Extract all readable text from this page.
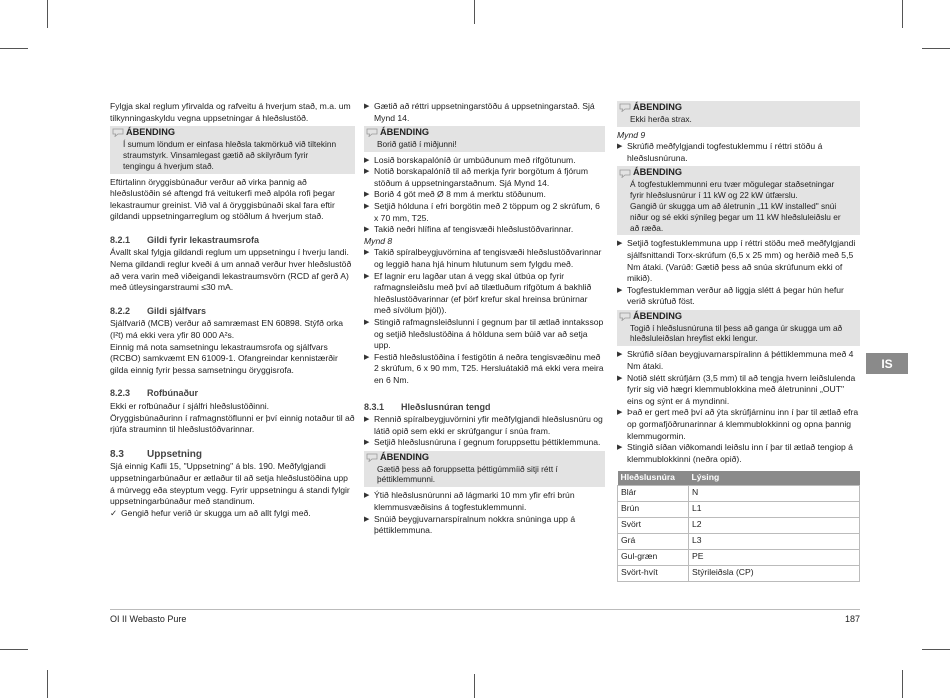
Fylgja skal reglum yfirvalda og rafveitu á hverjum stað, m.a. um tilkynningaskyldu vegna uppsetningar á hleðslustöð.

ÁBENDING
Í sumum löndum er einfasa hleðsla takmörkuð við tiltekinn
straumstyrk. Vinsamlegast gætið að skilyrðum fyrir
tengingu á hverjum stað.

Eftirtalinn öryggisbúnaður verður að virka þannig að hleðslustöðin sé aftengd frá veitukerfi með alpóla rofi þegar lekastraumur greinist. Við val á öryggisbúnaði skal fara eftir gildandi uppsetningarreglum og stöðlum á hverjum stað.

8.2.1 Gildi fyrir lekastraumsrofa

Ávallt skal fylgja gildandi reglum um uppsetningu í hverju landi. Nema gildandi reglur kveði á um annað verður hver hleðslustöð að vera varin með viðeigandi lekastraumsvörn (RCD af gerð A) með útleysingarstraumi ≤30 mA.

8.2.2 Gildi sjálfvars

Sjálfvarið (MCB) verður að samræmast EN 60898. Stýfð orka (I²t) má ekki vera yfir 80 000 A²s.

Einnig má nota samsetningu lekastraumsrofa og sjálfvars (RCBO) samkvæmt EN 61009-1. Ofangreindar kennistærðir gilda einnig fyrir þessa samsetningu öryggisrofa.

8.2.3 Rofbúnaður

Ekki er rofbúnaður í sjálfri hleðslustöðinni.

Öryggisbúnaðurinn í rafmagnstöflunni er því einnig notaður til að rjúfa strauminn til hleðslustöðvarinnar.

8.3 Uppsetning

Sjá einnig Kafli 15, "Uppsetning" á bls. 190. Meðfylgjandi uppsetningarbúnaður er ætlaður til að setja hleðslustöðina upp á múrvegg eða steyptum vegg. Fyrir uppsetningu á standi fylgir uppsetningarbúnaður með standinum.

✓ Gengið hefur verið úr skugga um að allt fylgi með.
▶ Gætið að réttri uppsetningarstöðu á uppsetningarstað. Sjá Mynd 14.
ÁBENDING
Borið gatið í miðjunni!
▶ Losið borskapalóníð úr umbúðunum með rifgötunum.
▶ Notið borskapalóníð til að merkja fyrir borgötum á fjórum stöðum á uppsetningarstaðnum. Sjá Mynd 14.
▶ Borið 4 göt með Ø 8 mm á merktu stöðunum.
▶ Setjið hólduna í efri borgötin með 2 töppum og 2 skrúfum, 6 x 70 mm, T25.
▶ Takið neðri hlífina af tengisvæði hleðslustöðvarinnar.

Mynd 8

▶ Takið spíralbeygjuvörnina af tengisvæði hleðslustöðvarinnar og leggið hana hjá hinum hlutunum sem fylgdu með.
▶ Ef lagnir eru lagðar utan á vegg skal útbúa op fyrir rafmagnsleiðslu með því að tilætluðum rifgötum á bakhlið hleðslustöðvarinnar (ef þörf krefur skal hreinsa brúnirnar með sívölum þjöl)).
▶ Stingið rafmagnsleiðslunni í gegnum þar til ætlað inntakssop og setjið hleðslustöðina á hölduna sem búið var að setja upp.
▶ Festið hleðslustöðina í festigötin á neðra tengisvæðinu með 2 skrúfum, 6 x 90 mm, T25. Hersluátakið má ekki vera meira en 6 Nm.
8.3.1 Hleðslusnúran tengd
▶ Rennið spíralbeygjuvörnini yfir meðfylgjandi hleðslusnúru og látið opið sem ekki er skrúfgangur í snúa fram.
▶ Setjið hleðslusnúruna í gegnum foruppsettu þéttiklemmuna.
ÁBENDING
Gætið þess að foruppsetta þéttigúmmíið sitji rétt í
þéttiklemmunni.
▶ Ýtið hleðslusnúrunni að lágmarki 10 mm yfir efri brún klemmusvæðisins á togfestuklemmunni.
▶ Snúið beygjuvarnarspíralnum nokkra snúninga upp á þéttiklemmuna.
ÁBENDING
Ekki herða strax.

Mynd 9

▶ Skrúfið meðfylgjandi togfestuklemmu í réttri stöðu á hleðslusnúruna.
ÁBENDING
Á togfestuklemmunni eru tvær mögulegar staðsetningar
fyrir hleðslusnúrur í 11 kW og 22 kW útfærslu.
Gangið úr skugga um að áletrunin „11 kW installed" snúi
niður og sé ekki sýnileg þegar um 11 kW hleðsluleiðslu er
að ræða.
▶ Setjið togfestuklemmuna upp í réttri stöðu með meðfylgjandi sjálfsnittandi Torx-skrúfum (6,5 x 25 mm) og herðið með 5,5 Nm átaki. (Varúð: Gætið þess að snúa skrúfunum ekki of mikið).
▶ Togfestuklemman verður að liggja slétt á þegar hún hefur verið skrúfuð föst.
ÁBENDING
Togið í hleðslusnúruna til þess að ganga úr skugga um að
hleðsluleiðslan hreyfist ekki lengur.
▶ Skrúfið síðan beygjuvarnarspíralinn á þéttiklemmuna með 4 Nm átaki.
▶ Notið slétt skrúfjárn (3,5 mm) til að tengja hvern leiðslulenda fyrir sig við hægri klemmublokkina með áletruninni „OUT" eins og sýnt er á myndinni.
▶ Það er gert með því að ýta skrúfjárninu inn í þar til ætlað efra op gormafjöðrunarinnar á klemmublokkinni og opna þannig klemmugormin.
▶ Stingið síðan viðkomandi leiðslu inn í þar til ætlað tengiop á klemmublokkinni (neðra opið).
Hleðslusnúra	Lýsing
Blár	N
Brún	L1
Svört	L2
Grá	L3
Gul-græn	PE
Svört-hvít	Stýrileiðsla (CP)
IS
OI II Webasto Pure	187
